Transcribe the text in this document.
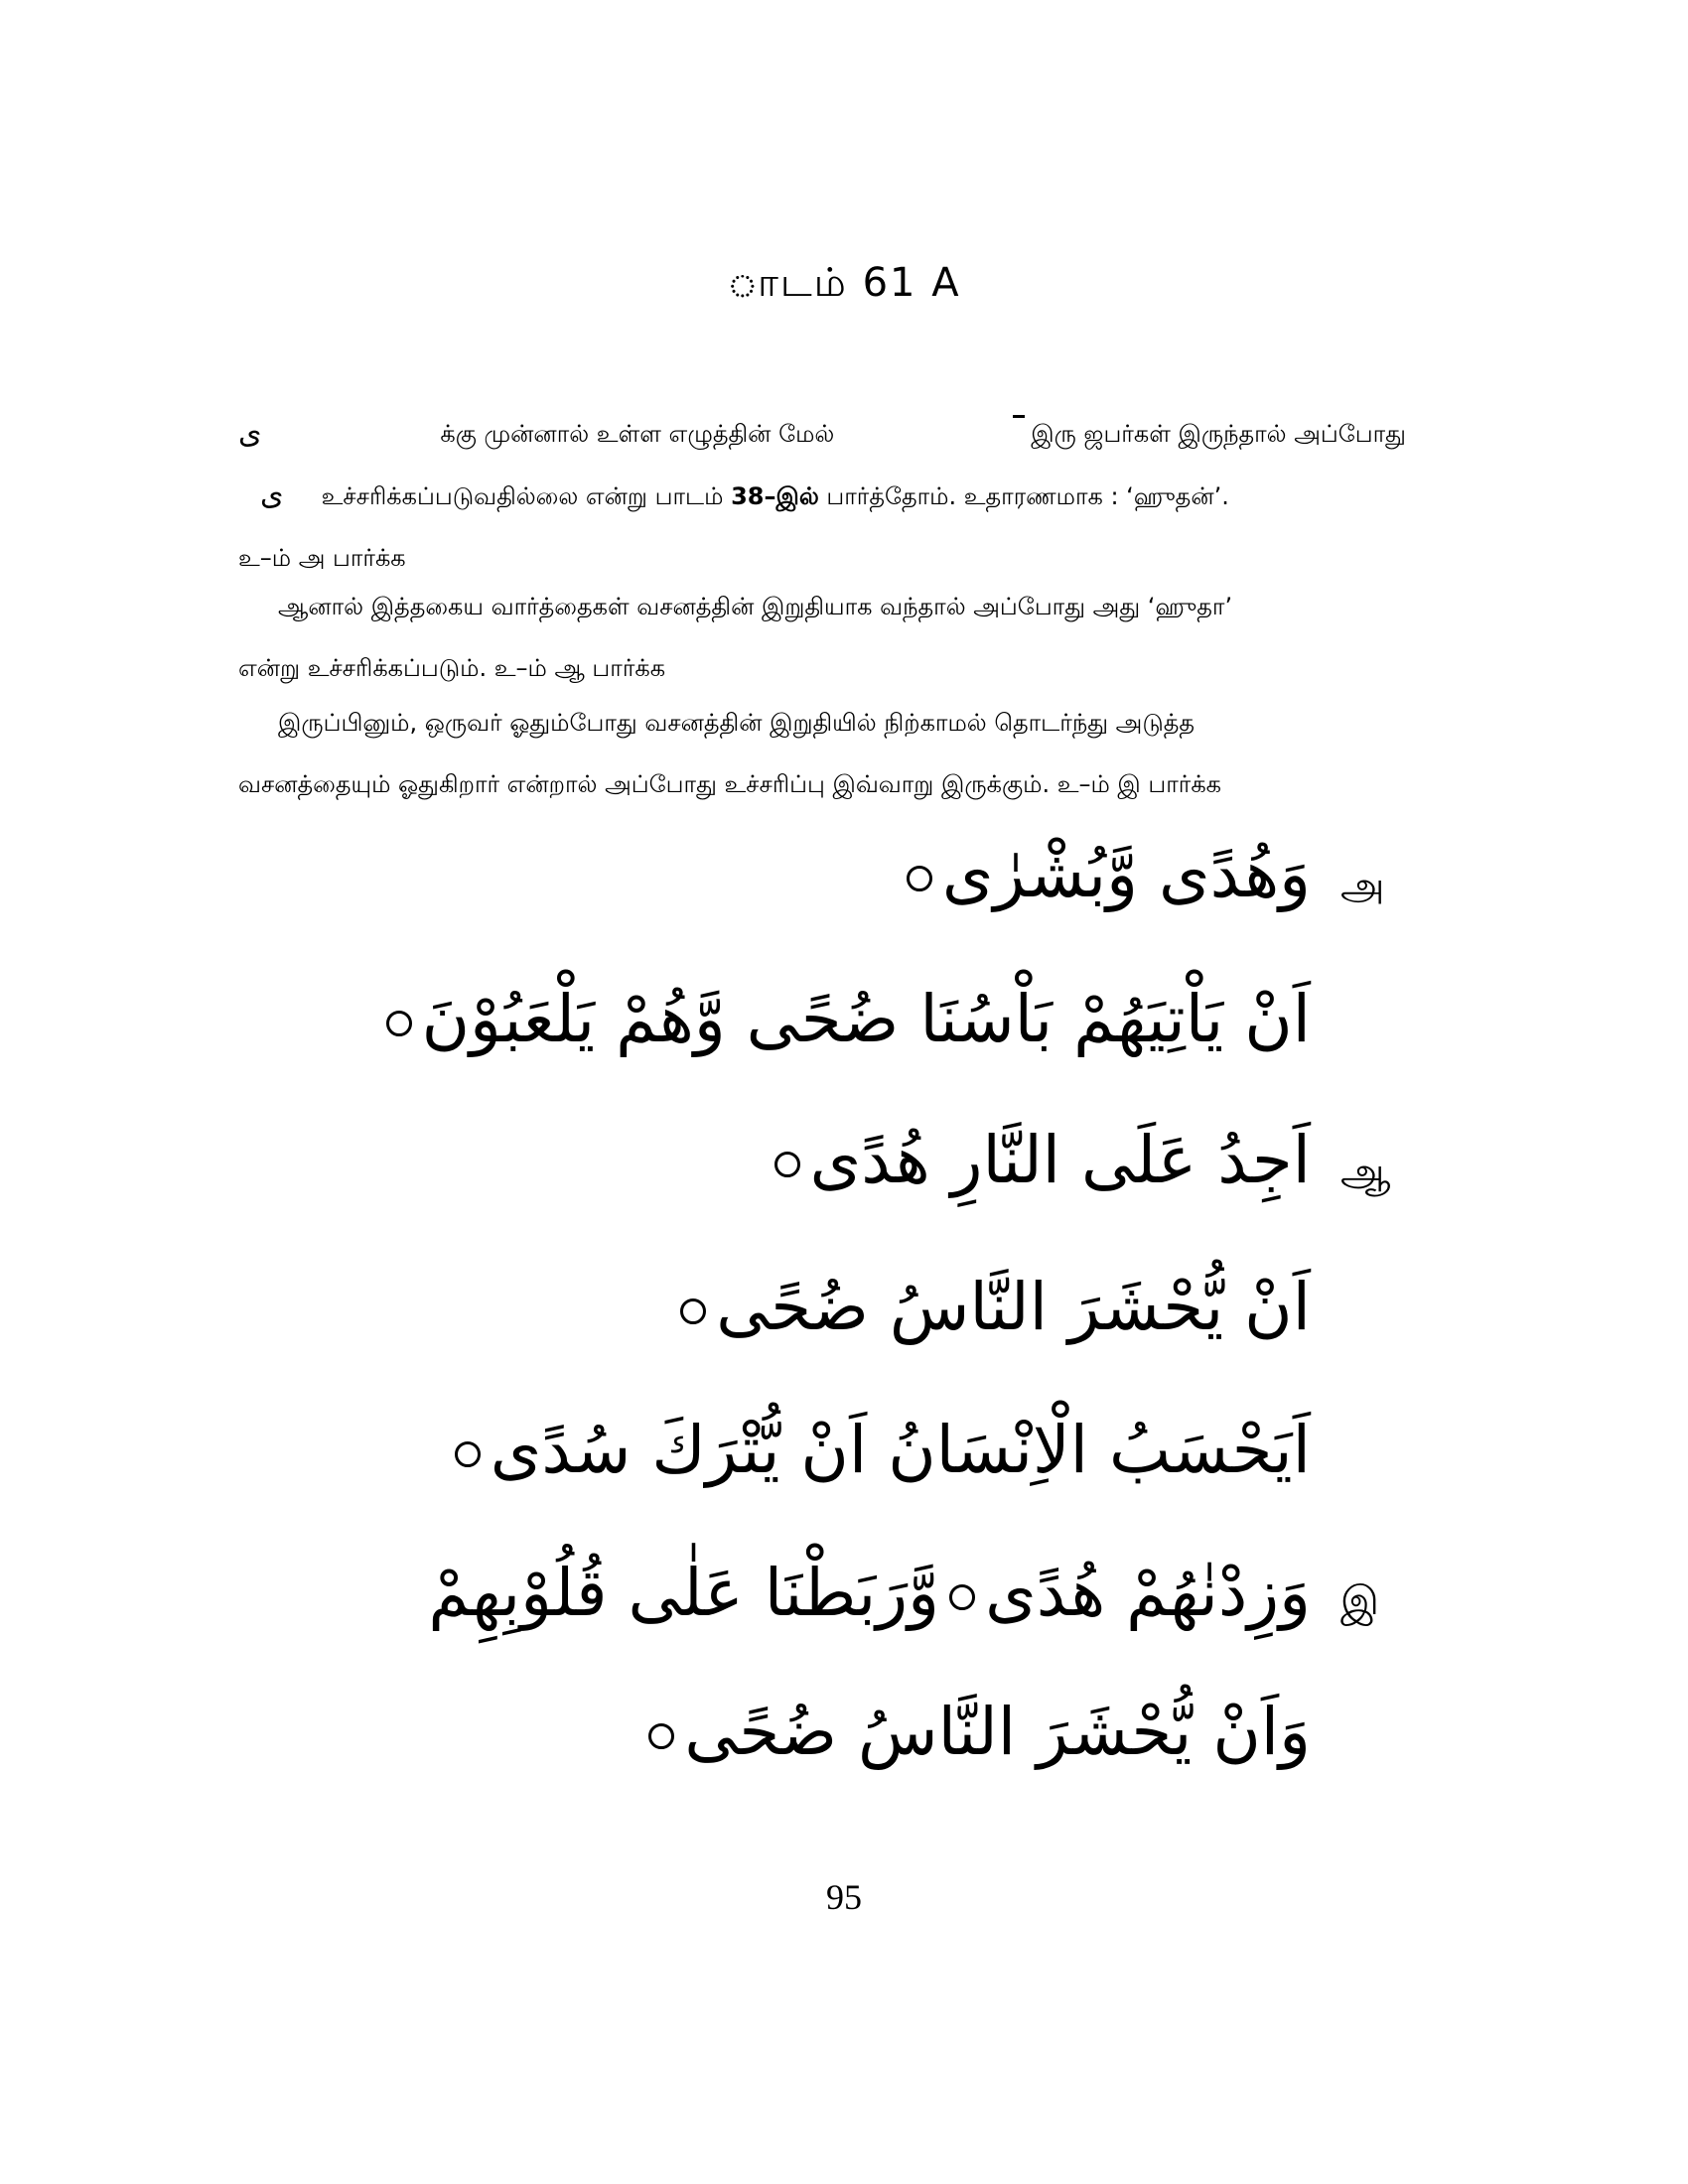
ாடம் 61 A
ی	க்கு முன்னால் உள்ள எழுத்தின் மேல்	இரு ஜபர்கள் இருந்தால் அப்போது
ی உச்சரிக்கப்படுவதில்லை என்று பாடம் 38–இல் பார்த்தோம். உதாரணமாக : ‘ஹுதன்’.
உ–ம் அ பார்க்க
ஆனால் இத்தகைய வார்த்தைகள் வசனத்தின் இறுதியாக வந்தால் அப்போது அது ‘ஹுதா’
என்று உச்சரிக்கப்படும். உ–ம் ஆ பார்க்க
இருப்பினும், ஒருவர் ஓதும்போது வசனத்தின் இறுதியில் நிற்காமல் தொடர்ந்து அடுத்த
வசனத்தையும் ஓதுகிறார் என்றால் அப்போது உச்சரிப்பு இவ்வாறு இருக்கும். உ–ம் இ பார்க்க
அ
وَهُدًى وَّبُشْرٰى
اَنْ يَاْتِيَهُمْ بَاْسُنَا ضُحًى وَّهُمْ يَلْعَبُوْنَ
ஆ
اَجِدُ عَلَى النَّارِ هُدًى
اَنْ يُّحْشَرَ النَّاسُ ضُحًى
اَيَحْسَبُ الْاِنْسَانُ اَنْ يُّتْرَكَ سُدًى
இ
وَزِدْنٰهُمْ هُدًىوَّرَبَطْنَا عَلٰى قُلُوْبِهِمْ
وَاَنْ يُّحْشَرَ النَّاسُ ضُحًى
95
